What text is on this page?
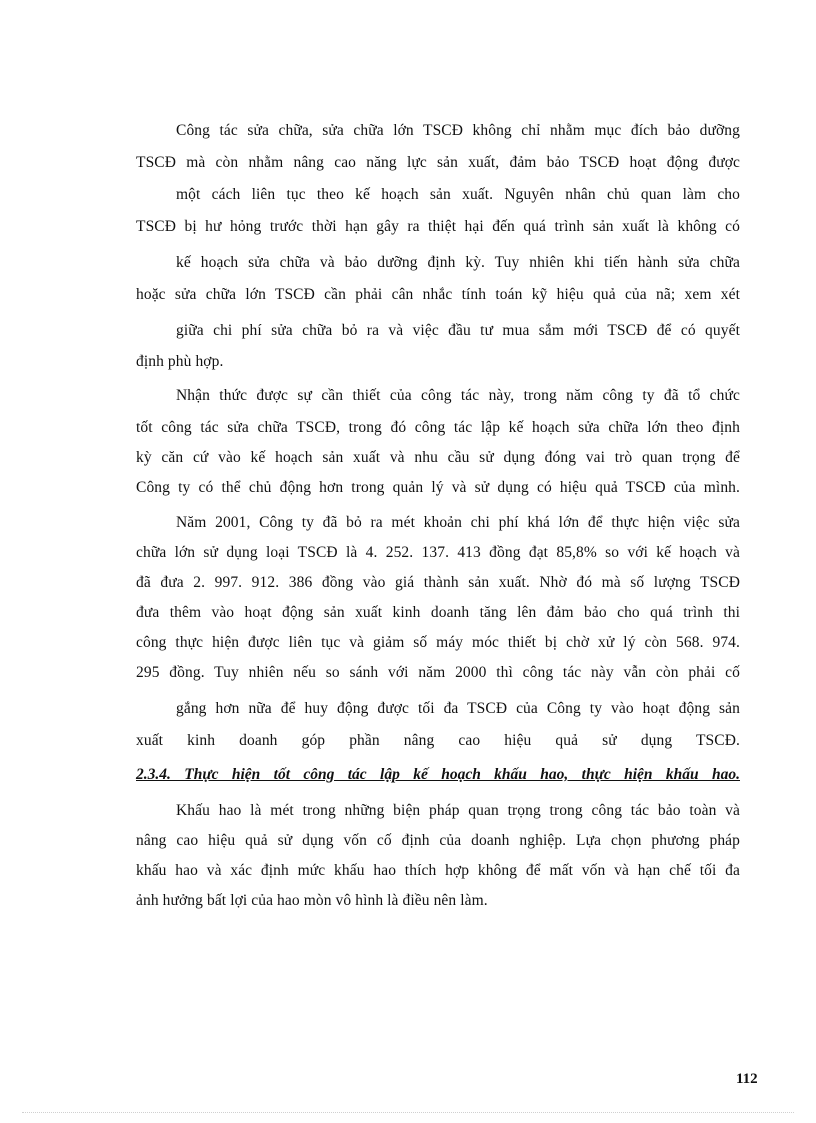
Công tác sửa chữa, sửa chữa lớn TSCĐ không chỉ nhằm mục đích bảo dưỡng
TSCĐ mà còn nhằm nâng cao năng lực sản xuất, đảm bảo TSCĐ hoạt động được
một cách liên tục theo kế hoạch sản xuất. Nguyên nhân chủ quan làm cho
TSCĐ bị hư hỏng trước thời hạn gây ra thiệt hại đến quá trình sản xuất là không có
kế hoạch sửa chữa và bảo dưỡng định kỳ. Tuy nhiên khi tiến hành sửa chữa
hoặc sửa chữa lớn TSCĐ cần phải cân nhắc tính toán kỹ hiệu quả của nã; xem xét
giữa chi phí sửa chữa bỏ ra và việc đầu tư mua sắm mới TSCĐ để có quyết
định phù hợp.
Nhận thức được sự cần thiết của công tác này, trong năm công ty đã tổ chức
tốt công tác sửa chữa TSCĐ, trong đó công tác lập kế hoạch sửa chữa lớn theo định
kỳ căn cứ vào kế hoạch sản xuất và nhu cầu sử dụng đóng vai trò quan trọng để
Công ty có thể chủ động hơn trong quản lý và sử dụng có hiệu quả TSCĐ của mình.
Năm 2001, Công ty đã bỏ ra mét khoản chi phí khá lớn để thực hiện việc sửa
chữa lớn sử dụng loại TSCĐ là 4. 252. 137. 413 đồng đạt 85,8% so với kế hoạch và
đã đưa 2. 997. 912. 386 đồng vào giá thành sản xuất. Nhờ đó mà số lượng TSCĐ
đưa thêm vào hoạt động sản xuất kinh doanh tăng lên đảm bảo cho quá trình thi
công thực hiện được liên tục và giảm số máy móc thiết bị chờ xử lý còn 568. 974.
295 đồng. Tuy nhiên nếu so sánh với năm 2000 thì công tác này vẫn còn phải cố
gắng hơn nữa để huy động được tối đa TSCĐ của Công ty vào hoạt động sản
xuất kinh doanh góp phần nâng cao hiệu quả sử dụng TSCĐ.
2.3.4. Thực hiện tốt công tác lập kế hoạch khấu hao, thực hiện khấu hao.
Khấu hao là mét trong những biện pháp quan trọng trong công tác bảo toàn và
nâng cao hiệu quả sử dụng vốn cố định của doanh nghiệp. Lựa chọn phương pháp
khấu hao và xác định mức khấu hao thích hợp không để mất vốn và hạn chế tối đa
ảnh hưởng bất lợi của hao mòn vô hình là điều nên làm.
112
